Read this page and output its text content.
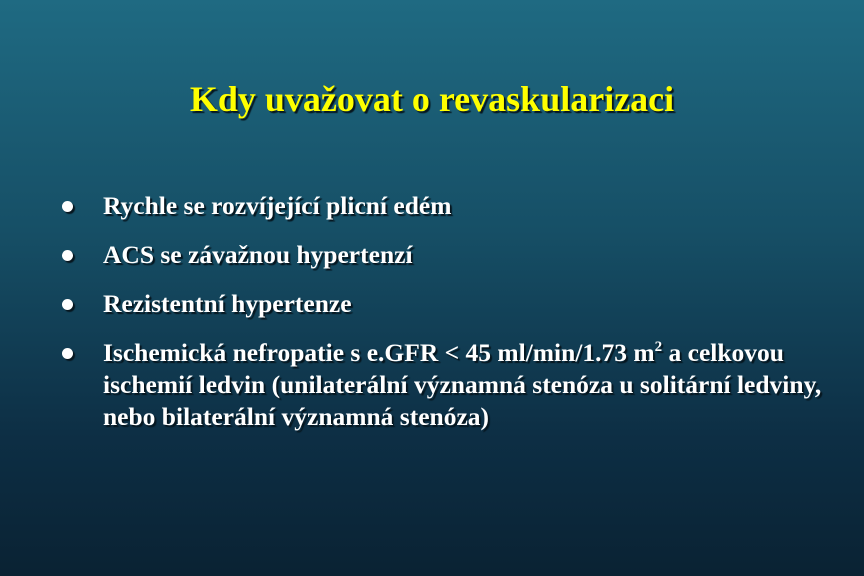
Kdy uvažovat o revaskularizaci
Rychle se rozvíjející plicní edém
ACS se závažnou hypertenzí
Rezistentní hypertenze
Ischemická nefropatie s e.GFR < 45 ml/min/1.73 $m^2$ a celkovou ischemií ledvin (unilaterální významná stenóza u solitární ledviny, nebo bilaterální významná stenóza)
